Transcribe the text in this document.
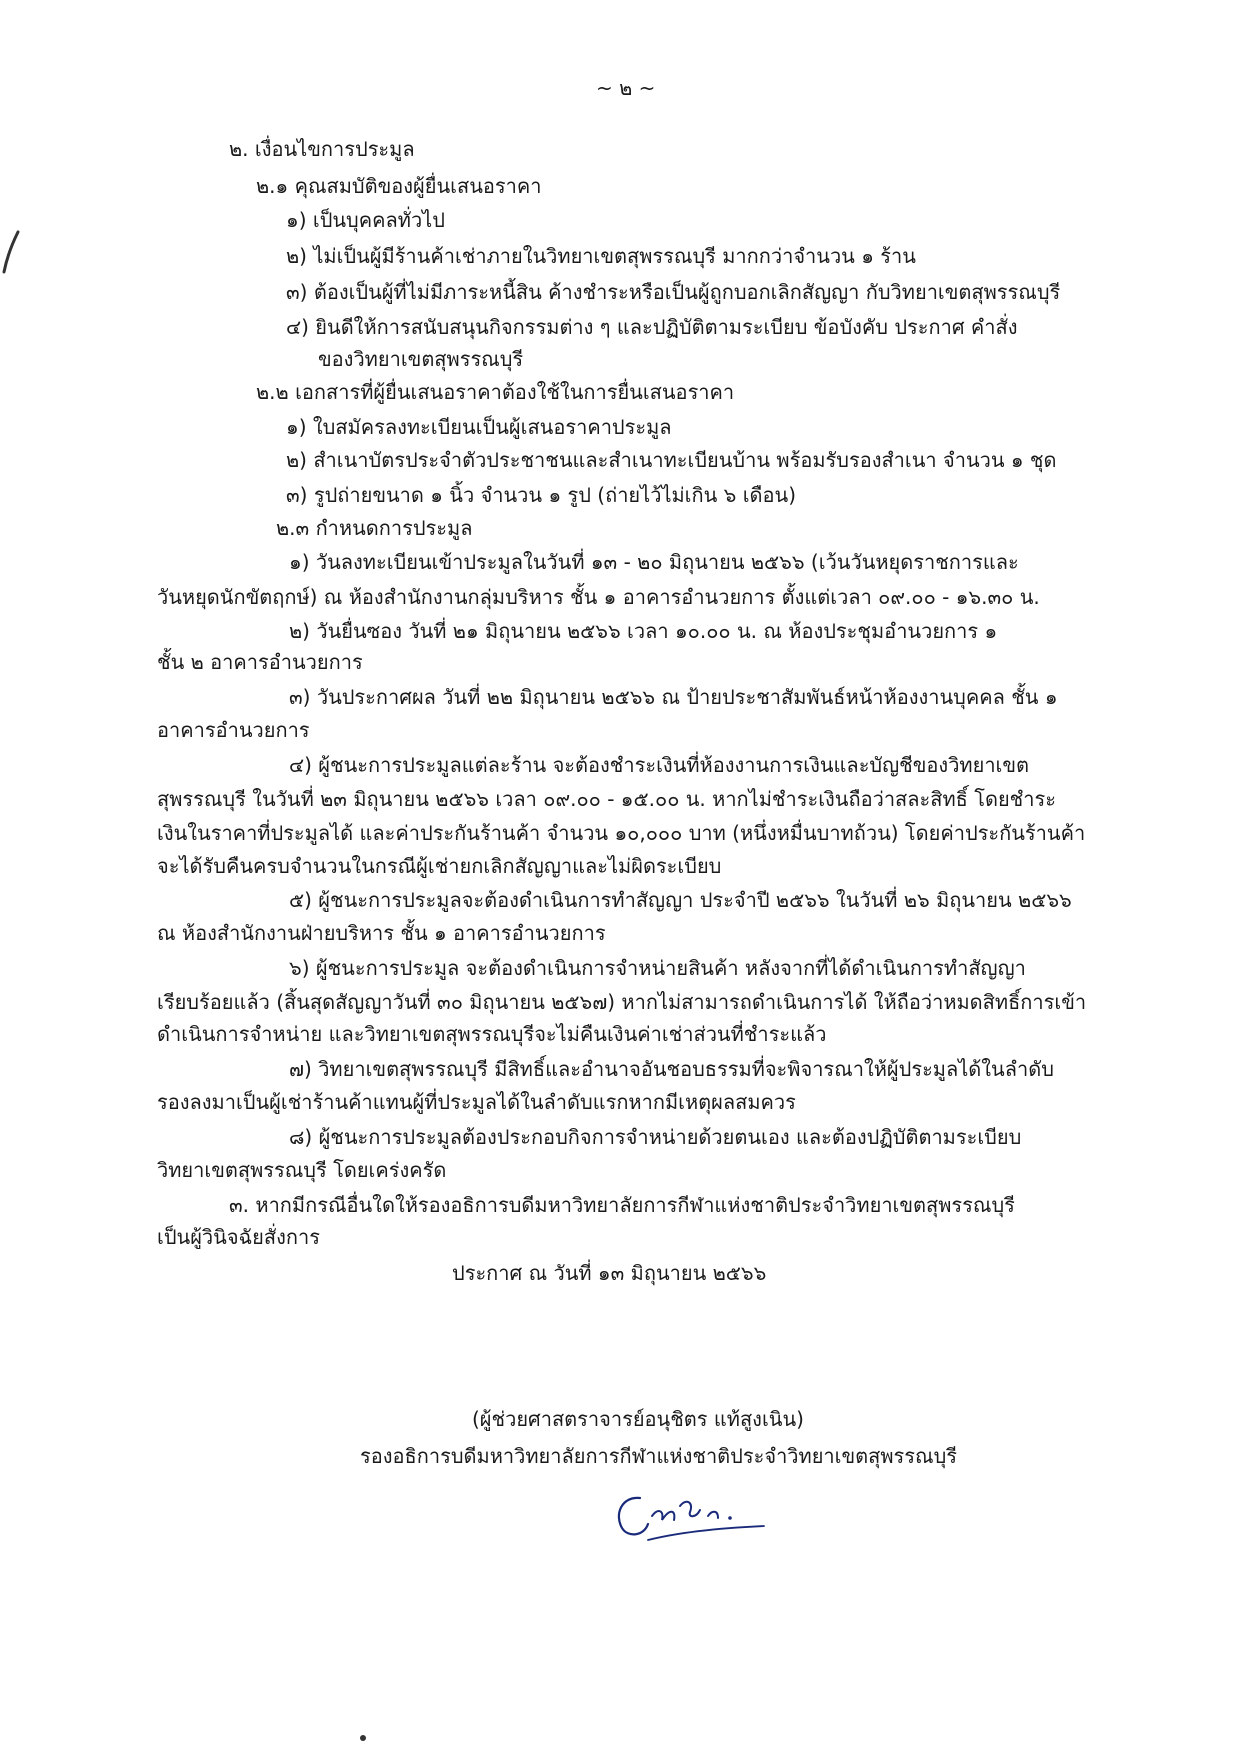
~ ๒ ~
๒. เงื่อนไขการประมูล
๒.๑ คุณสมบัติของผู้ยื่นเสนอราคา
๑) เป็นบุคคลทั่วไป
๒) ไม่เป็นผู้มีร้านค้าเช่าภายในวิทยาเขตสุพรรณบุรี มากกว่าจำนวน ๑ ร้าน
๓) ต้องเป็นผู้ที่ไม่มีภาระหนี้สิน ค้างชำระหรือเป็นผู้ถูกบอกเลิกสัญญา กับวิทยาเขตสุพรรณบุรี
๔) ยินดีให้การสนับสนุนกิจกรรมต่าง ๆ และปฏิบัติตามระเบียบ ข้อบังคับ ประกาศ คำสั่ง
ของวิทยาเขตสุพรรณบุรี
๒.๒ เอกสารที่ผู้ยื่นเสนอราคาต้องใช้ในการยื่นเสนอราคา
๑) ใบสมัครลงทะเบียนเป็นผู้เสนอราคาประมูล
๒) สำเนาบัตรประจำตัวประชาชนและสำเนาทะเบียนบ้าน พร้อมรับรองสำเนา จำนวน ๑ ชุด
๓) รูปถ่ายขนาด ๑ นิ้ว จำนวน ๑ รูป (ถ่ายไว้ไม่เกิน ๖ เดือน)
๒.๓ กำหนดการประมูล
๑) วันลงทะเบียนเข้าประมูลในวันที่ ๑๓ - ๒๐ มิถุนายน ๒๕๖๖ (เว้นวันหยุดราชการและ
วันหยุดนักขัตฤกษ์) ณ ห้องสำนักงานกลุ่มบริหาร ชั้น ๑ อาคารอำนวยการ ตั้งแต่เวลา ๐๙.๐๐ - ๑๖.๓๐ น.
๒) วันยื่นซอง วันที่ ๒๑ มิถุนายน ๒๕๖๖ เวลา ๑๐.๐๐ น. ณ ห้องประชุมอำนวยการ ๑
ชั้น ๒ อาคารอำนวยการ
๓) วันประกาศผล วันที่ ๒๒ มิถุนายน ๒๕๖๖ ณ ป้ายประชาสัมพันธ์หน้าห้องงานบุคคล ชั้น ๑
อาคารอำนวยการ
๔) ผู้ชนะการประมูลแต่ละร้าน จะต้องชำระเงินที่ห้องงานการเงินและบัญชีของวิทยาเขต
สุพรรณบุรี ในวันที่ ๒๓ มิถุนายน ๒๕๖๖ เวลา ๐๙.๐๐ - ๑๕.๐๐ น. หากไม่ชำระเงินถือว่าสละสิทธิ์ โดยชำระ
เงินในราคาที่ประมูลได้ และค่าประกันร้านค้า จำนวน ๑๐,๐๐๐ บาท (หนึ่งหมื่นบาทถ้วน) โดยค่าประกันร้านค้า
จะได้รับคืนครบจำนวนในกรณีผู้เช่ายกเลิกสัญญาและไม่ผิดระเบียบ
๕) ผู้ชนะการประมูลจะต้องดำเนินการทำสัญญา ประจำปี ๒๕๖๖ ในวันที่ ๒๖ มิถุนายน ๒๕๖๖
ณ ห้องสำนักงานฝ่ายบริหาร ชั้น ๑ อาคารอำนวยการ
๖) ผู้ชนะการประมูล จะต้องดำเนินการจำหน่ายสินค้า หลังจากที่ได้ดำเนินการทำสัญญา
เรียบร้อยแล้ว (สิ้นสุดสัญญาวันที่ ๓๐ มิถุนายน ๒๕๖๗) หากไม่สามารถดำเนินการได้ ให้ถือว่าหมดสิทธิ์การเข้า
ดำเนินการจำหน่าย และวิทยาเขตสุพรรณบุรีจะไม่คืนเงินค่าเช่าส่วนที่ชำระแล้ว
๗) วิทยาเขตสุพรรณบุรี มีสิทธิ์และอำนาจอันชอบธรรมที่จะพิจารณาให้ผู้ประมูลได้ในลำดับ
รองลงมาเป็นผู้เช่าร้านค้าแทนผู้ที่ประมูลได้ในลำดับแรกหากมีเหตุผลสมควร
๘) ผู้ชนะการประมูลต้องประกอบกิจการจำหน่ายด้วยตนเอง และต้องปฏิบัติตามระเบียบ
วิทยาเขตสุพรรณบุรี โดยเคร่งครัด
๓. หากมีกรณีอื่นใดให้รองอธิการบดีมหาวิทยาลัยการกีฬาแห่งชาติประจำวิทยาเขตสุพรรณบุรี
เป็นผู้วินิจฉัยสั่งการ
ประกาศ ณ วันที่ ๑๓ มิถุนายน ๒๕๖๖
(ผู้ช่วยศาสตราจารย์อนุชิตร แท้สูงเนิน)
รองอธิการบดีมหาวิทยาลัยการกีฬาแห่งชาติประจำวิทยาเขตสุพรรณบุรี
